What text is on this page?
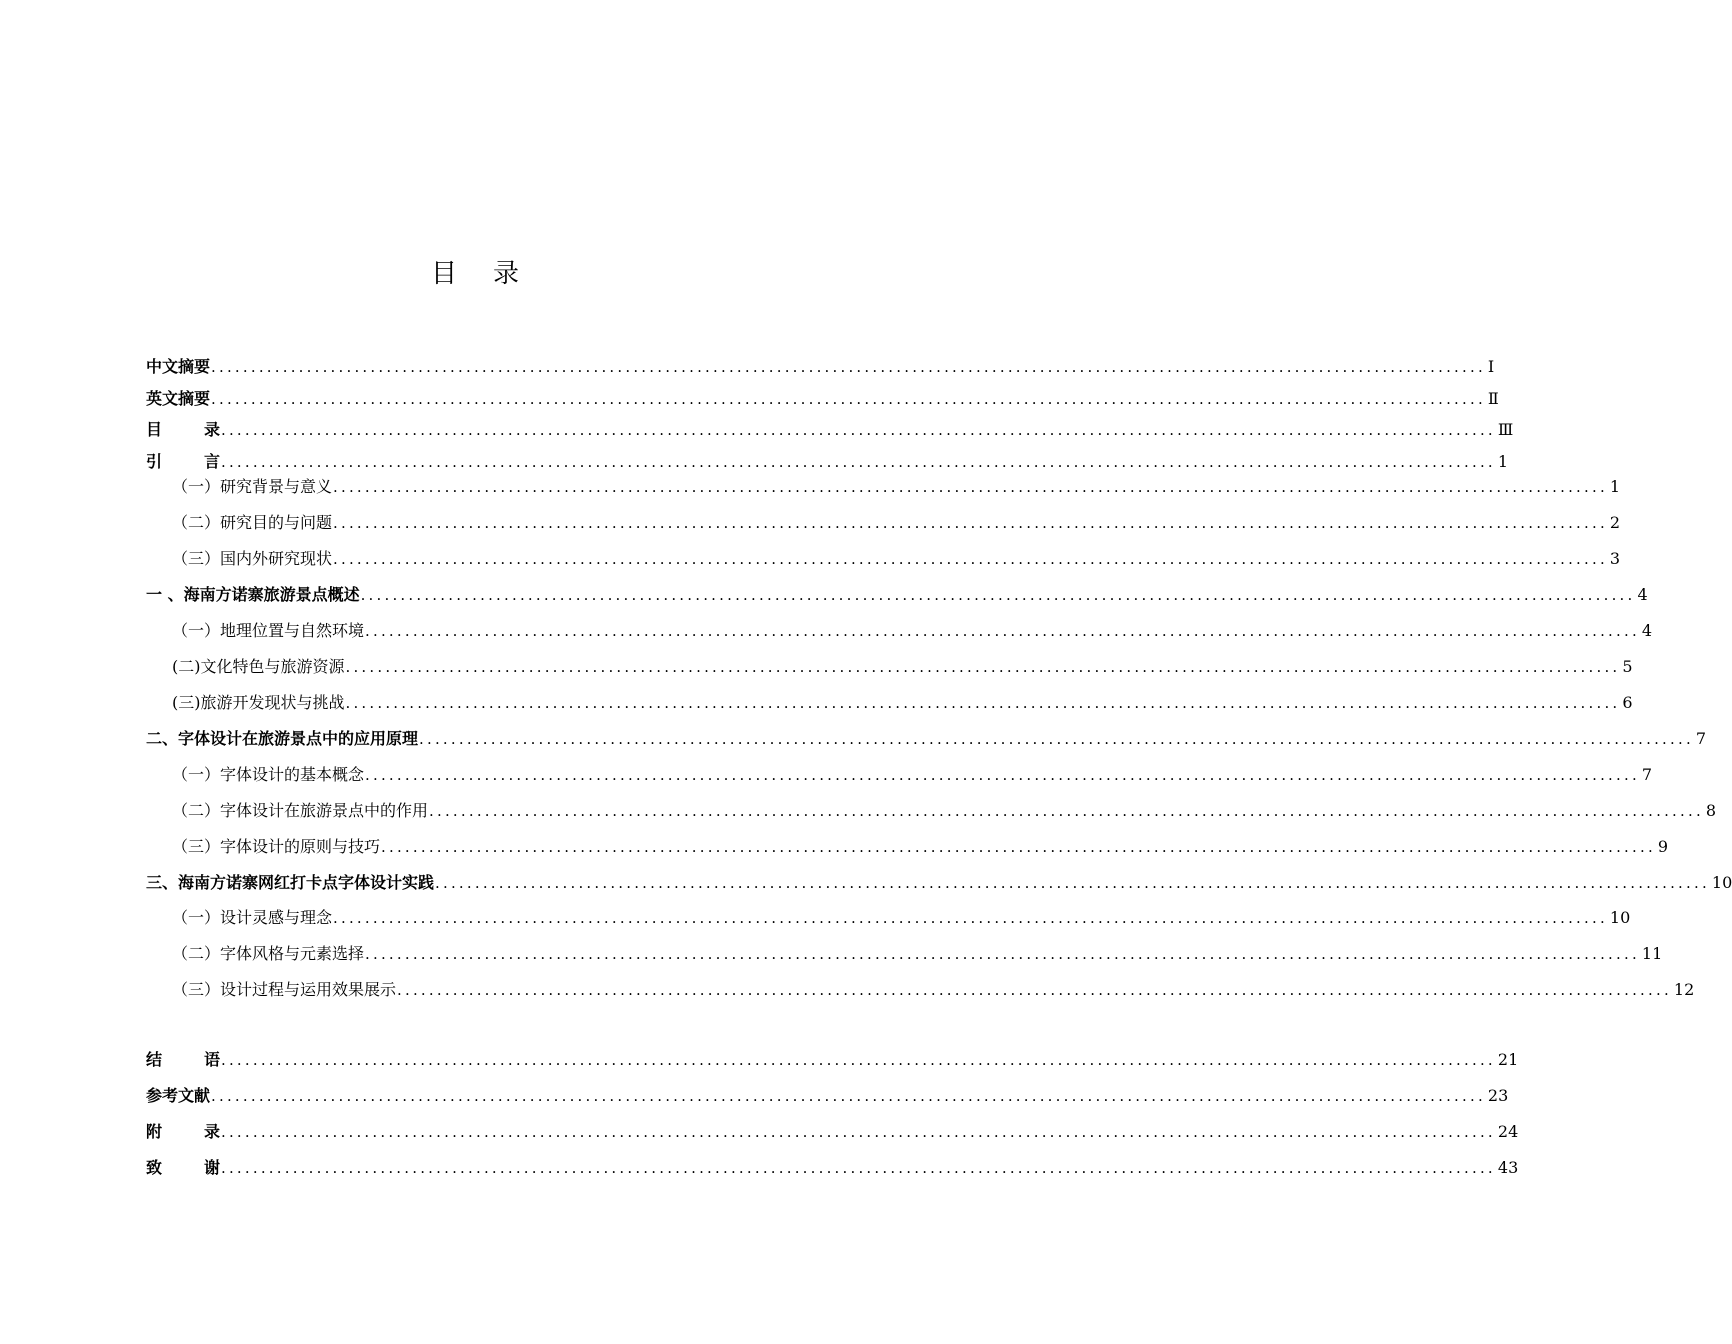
目 录
中文摘要 ................................................................................................................................................................ Ⅰ
英文摘要 ................................................................................................................................................................ Ⅱ
目	录 ................................................................................................................................................................ Ⅲ
引	言 ................................................................................................................................................................ 1
（一）研究背景与意义 ................................................................................................................................................................ 1
（二）研究目的与问题 ................................................................................................................................................................ 2
（三）国内外研究现状 ................................................................................................................................................................ 3
一 、海南方诺寨旅游景点概述 ................................................................................................................................................................ 4
（一）地理位置与自然环境 ................................................................................................................................................................ 4
(二)文化特色与旅游资源 ................................................................................................................................................................ 5
(三)旅游开发现状与挑战 ................................................................................................................................................................ 6
二、字体设计在旅游景点中的应用原理 ................................................................................................................................................................ 7
（一）字体设计的基本概念 ................................................................................................................................................................ 7
（二）字体设计在旅游景点中的作用 ................................................................................................................................................................ 8
（三）字体设计的原则与技巧 ................................................................................................................................................................ 9
三、海南方诺寨网红打卡点字体设计实践 ................................................................................................................................................................ 10
（一）设计灵感与理念 ................................................................................................................................................................ 10
（二）字体风格与元素选择 ................................................................................................................................................................ 11
（三）设计过程与运用效果展示 ................................................................................................................................................................ 12
结	语 ................................................................................................................................................................ 21
参考文献 ................................................................................................................................................................ 23
附	录 ................................................................................................................................................................ 24
致	谢 ................................................................................................................................................................ 43
